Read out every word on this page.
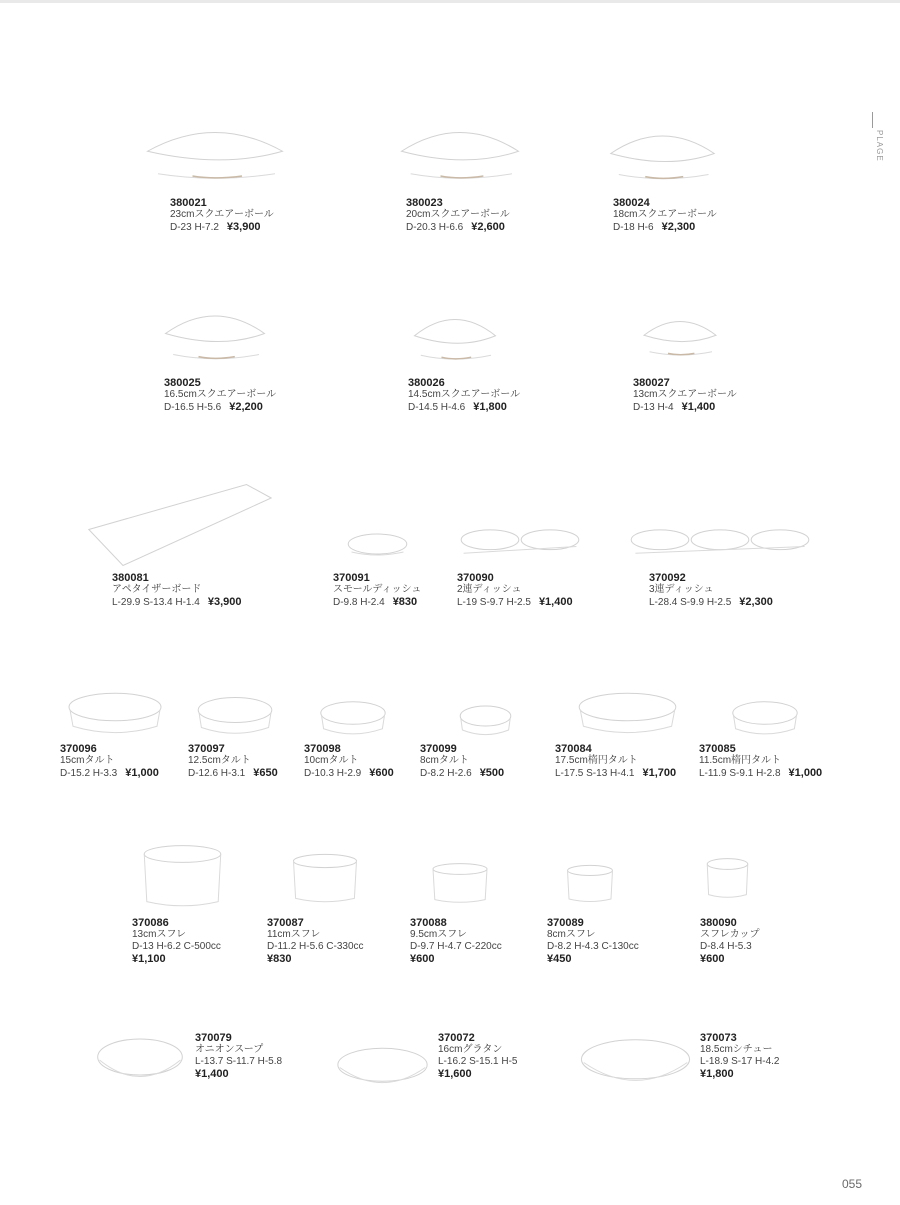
PLAGE
380021
23cmスクエアーボール
D-23 H-7.2 ¥3,900
380023
20cmスクエアーボール
D-20.3 H-6.6 ¥2,600
380024
18cmスクエアーボール
D-18 H-6 ¥2,300
380025
16.5cmスクエアーボール
D-16.5 H-5.6 ¥2,200
380026
14.5cmスクエアーボール
D-14.5 H-4.6 ¥1,800
380027
13cmスクエアーボール
D-13 H-4 ¥1,400
380081
アペタイザーボード
L-29.9 S-13.4 H-1.4 ¥3,900
370091
スモールディッシュ
D-9.8 H-2.4 ¥830
370090
2連ディッシュ
L-19 S-9.7 H-2.5 ¥1,400
370092
3連ディッシュ
L-28.4 S-9.9 H-2.5 ¥2,300
370096
15cmタルト
D-15.2 H-3.3 ¥1,000
370097
12.5cmタルト
D-12.6 H-3.1 ¥650
370098
10cmタルト
D-10.3 H-2.9 ¥600
370099
8cmタルト
D-8.2 H-2.6 ¥500
370084
17.5cm楕円タルト
L-17.5 S-13 H-4.1 ¥1,700
370085
11.5cm楕円タルト
L-11.9 S-9.1 H-2.8 ¥1,000
370086
13cmスフレ
D-13 H-6.2 C-500cc
¥1,100
370087
11cmスフレ
D-11.2 H-5.6 C-330cc
¥830
370088
9.5cmスフレ
D-9.7 H-4.7 C-220cc
¥600
370089
8cmスフレ
D-8.2 H-4.3 C-130cc
¥450
380090
スフレカップ
D-8.4 H-5.3
¥600
370079
オニオンスープ
L-13.7 S-11.7 H-5.8
¥1,400
370072
16cmグラタン
L-16.2 S-15.1 H-5
¥1,600
370073
18.5cmシチュー
L-18.9 S-17 H-4.2
¥1,800
055
